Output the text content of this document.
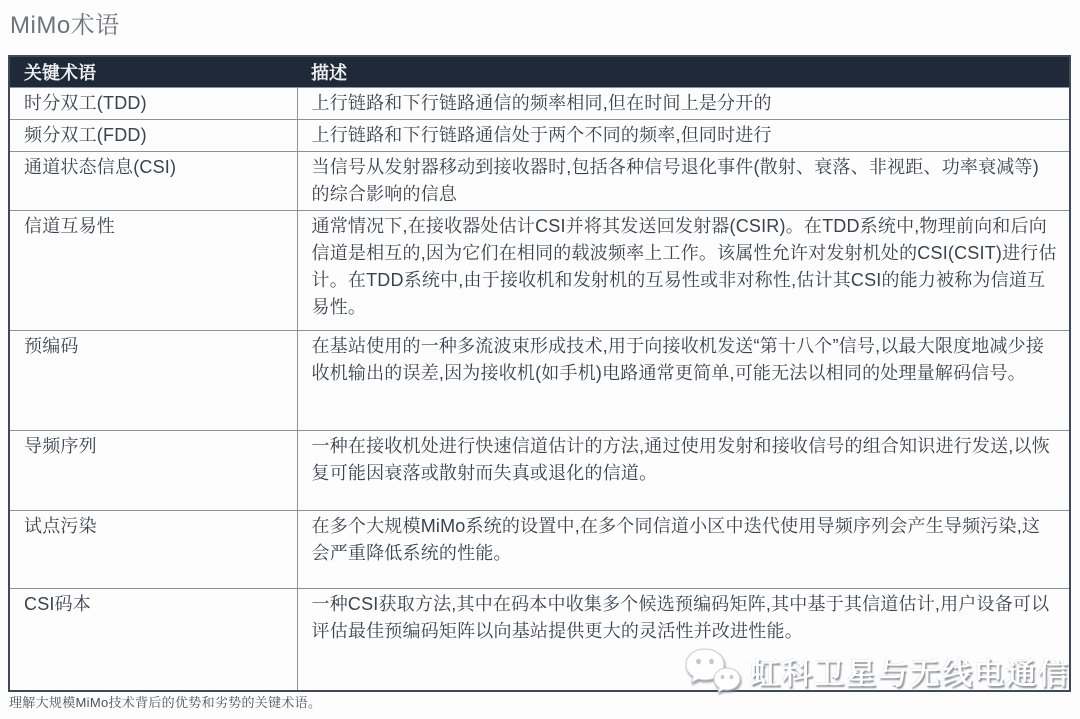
MiMo术语
关键术语	描述
时分双工(TDD)	上行链路和下行链路通信的频率相同,但在时间上是分开的
频分双工(FDD)	上行链路和下行链路通信处于两个不同的频率,但同时进行
通道状态信息(CSI)	当信号从发射器移动到接收器时,包括各种信号退化事件(散射、衰落、非视距、功率衰减等)的综合影响的信息
信道互易性	通常情况下,在接收器处估计CSI并将其发送回发射器(CSIR)。在TDD系统中,物理前向和后向信道是相互的,因为它们在相同的载波频率上工作。该属性允许对发射机处的CSI(CSIT)进行估计。在TDD系统中,由于接收机和发射机的互易性或非对称性,估计其CSI的能力被称为信道互易性。
预编码	在基站使用的一种多流波束形成技术,用于向接收机发送“第十八个”信号,以最大限度地减少接收机输出的误差,因为接收机(如手机)电路通常更简单,可能无法以相同的处理量解码信号。
导频序列	一种在接收机处进行快速信道估计的方法,通过使用发射和接收信号的组合知识进行发送,以恢复可能因衰落或散射而失真或退化的信道。
试点污染	在多个大规模MiMo系统的设置中,在多个同信道小区中迭代使用导频序列会产生导频污染,这会严重降低系统的性能。
CSI码本	一种CSI获取方法,其中在码本中收集多个候选预编码矩阵,其中基于其信道估计,用户设备可以评估最佳预编码矩阵以向基站提供更大的灵活性并改进性能。
理解大规模MiMo技术背后的优势和劣势的关键术语。
虹科卫星与无线电通信
